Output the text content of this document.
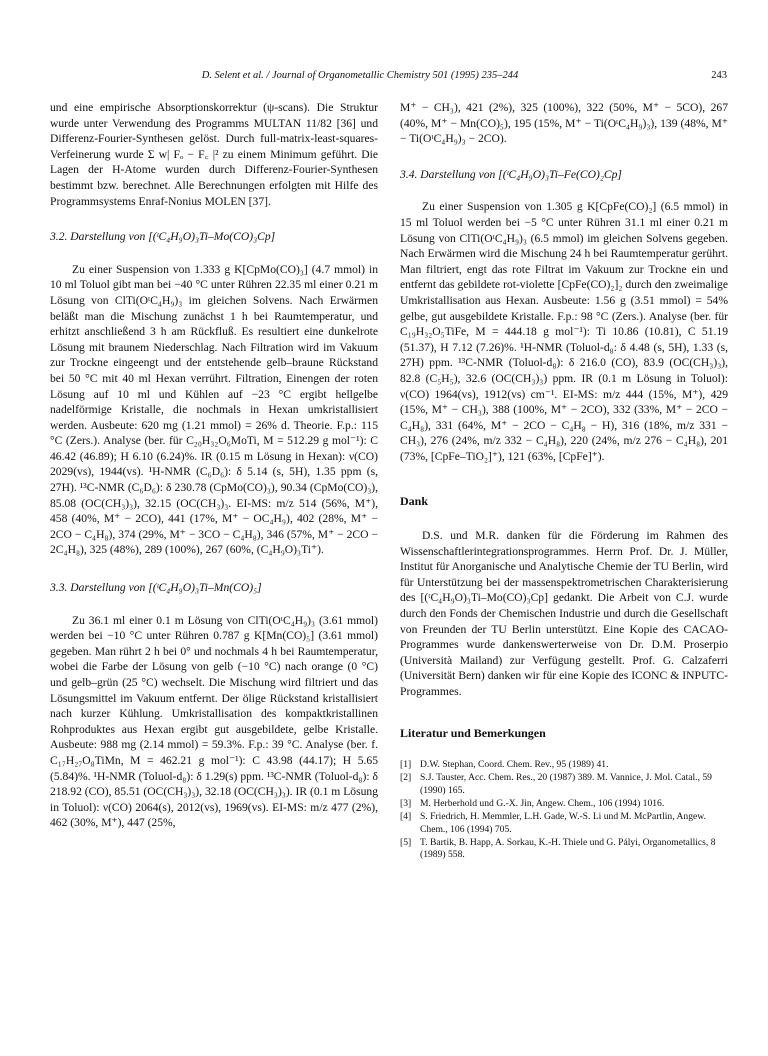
D. Selent et al. / Journal of Organometallic Chemistry 501 (1995) 235–244	243

und eine empirische Absorptionskorrektur (ψ-scans). Die Struktur wurde unter Verwendung des Programms MULTAN 11/82 [36] und Differenz-Fourier-Synthesen gelöst. Durch full-matrix-least-squares-Verfeinerung wurde Σ w| Fₒ − F꜀ |² zu einem Minimum geführt. Die Lagen der H-Atome wurden durch Differenz-Fourier-Synthesen bestimmt bzw. berechnet. Alle Berechnungen erfolgten mit Hilfe des Programmsystems Enraf-Nonius MOLEN [37].

3.2. Darstellung von [(ᵗC₄H₉O)₃Ti–Mo(CO)₃Cp]

Zu einer Suspension von 1.333 g K[CpMo(CO)₃] (4.7 mmol) in 10 ml Toluol gibt man bei −40 °C unter Rühren 22.35 ml einer 0.21 m Lösung von ClTi(OᵗC₄H₉)₃ im gleichen Solvens. Nach Erwärmen beläßt man die Mischung zunächst 1 h bei Raumtemperatur, und erhitzt anschließend 3 h am Rückfluß. Es resultiert eine dunkelrote Lösung mit braunem Niederschlag. Nach Filtration wird im Vakuum zur Trockne eingeengt und der entstehende gelb–braune Rückstand bei 50 °C mit 40 ml Hexan verrührt. Filtration, Einengen der roten Lösung auf 10 ml und Kühlen auf −23 °C ergibt hellgelbe nadelförmige Kristalle, die nochmals in Hexan umkristallisiert werden. Ausbeute: 620 mg (1.21 mmol) = 26% d. Theorie. F.p.: 115 °C (Zers.). Analyse (ber. für C₂₀H₃₂O₆MoTi, M = 512.29 g mol⁻¹): C 46.42 (46.89); H 6.10 (6.24)%. IR (0.15 m Lösung in Hexan): ν(CO) 2029(vs), 1944(vs). ¹H-NMR (C₆D₆): δ 5.14 (s, 5H), 1.35 ppm (s, 27H). ¹³C-NMR (C₆D₆): δ 230.78 (CpMo(CO)₃), 90.34 (CpMo(CO)₃), 85.08 (OC(CH₃)₃), 32.15 (OC(CH₃)₃. EI-MS: m/z 514 (56%, M⁺), 458 (40%, M⁺ − 2CO), 441 (17%, M⁺ − OC₄H₉), 402 (28%, M⁺ − 2CO − C₄H₈), 374 (29%, M⁺ − 3CO − C₄H₈), 346 (57%, M⁺ − 2CO − 2C₄H₈), 325 (48%), 289 (100%), 267 (60%, (C₄H₉O)₃Ti⁺).

3.3. Darstellung von [(ᵗC₄H₉O)₃Ti–Mn(CO)₅]

Zu 36.1 ml einer 0.1 m Lösung von ClTi(OᵗC₄H₉)₃ (3.61 mmol) werden bei −10 °C unter Rühren 0.787 g K[Mn(CO)₅] (3.61 mmol) gegeben. Man rührt 2 h bei 0° und nochmals 4 h bei Raumtemperatur, wobei die Farbe der Lösung von gelb (−10 °C) nach orange (0 °C) und gelb–grün (25 °C) wechselt. Die Mischung wird filtriert und das Lösungsmittel im Vakuum entfernt. Der ölige Rückstand kristallisiert nach kurzer Kühlung. Umkristallisation des kompaktkristallinen Rohproduktes aus Hexan ergibt gut ausgebildete, gelbe Kristalle. Ausbeute: 988 mg (2.14 mmol) = 59.3%. F.p.: 39 °C. Analyse (ber. f. C₁₇H₂₇O₈TiMn, M = 462.21 g mol⁻¹): C 43.98 (44.17); H 5.65 (5.84)%. ¹H-NMR (Toluol-d₈): δ 1.29(s) ppm. ¹³C-NMR (Toluol-d₈): δ 218.92 (CO), 85.51 (OC(CH₃)₃), 32.18 (OC(CH₃)₃). IR (0.1 m Lösung in Toluol): ν(CO) 2064(s), 2012(vs), 1969(vs). EI-MS: m/z 477 (2%), 462 (30%, M⁺), 447 (25%,

M⁺ − CH₃), 421 (2%), 325 (100%), 322 (50%, M⁺ − 5CO), 267 (40%, M⁺ − Mn(CO)₅), 195 (15%, M⁺ − Ti(OᵗC₄H₉)₃), 139 (48%, M⁺ − Ti(OᵗC₄H₉)₃ − 2CO).

3.4. Darstellung von [(ᵗC₄H₉O)₃Ti–Fe(CO)₂Cp]

Zu einer Suspension von 1.305 g K[CpFe(CO)₂] (6.5 mmol) in 15 ml Toluol werden bei −5 °C unter Rühren 31.1 ml einer 0.21 m Lösung von ClTi(OᵗC₄H₉)₃ (6.5 mmol) im gleichen Solvens gegeben. Nach Erwärmen wird die Mischung 24 h bei Raumtemperatur gerührt. Man filtriert, engt das rote Filtrat im Vakuum zur Trockne ein und entfernt das gebildete rot-violette [CpFe(CO)₂]₂ durch den zweimalige Umkristallisation aus Hexan. Ausbeute: 1.56 g (3.51 mmol) = 54% gelbe, gut ausgebildete Kristalle. F.p.: 98 °C (Zers.). Analyse (ber. für C₁₉H₃₂O₅TiFe, M = 444.18 g mol⁻¹): Ti 10.86 (10.81), C 51.19 (51.37), H 7.12 (7.26)%. ¹H-NMR (Toluol-d₈: δ 4.48 (s, 5H), 1.33 (s, 27H) ppm. ¹³C-NMR (Toluol-d₈): δ 216.0 (CO), 83.9 (OC(CH₃)₃), 82.8 (C₅H₅), 32.6 (OC(CH₃)₃) ppm. IR (0.1 m Lösung in Toluol): ν(CO) 1964(vs), 1912(vs) cm⁻¹. EI-MS: m/z 444 (15%, M⁺), 429 (15%, M⁺ − CH₃), 388 (100%, M⁺ − 2CO), 332 (33%, M⁺ − 2CO − C₄H₈), 331 (64%, M⁺ − 2CO − C₄H₈ − H), 316 (18%, m/z 331 − CH₃), 276 (24%, m/z 332 − C₄H₈), 220 (24%, m/z 276 − C₄H₈), 201 (73%, [CpFe–TiO₂]⁺), 121 (63%, [CpFe]⁺).

Dank

D.S. und M.R. danken für die Förderung im Rahmen des Wissenschaftlerintegrationsprogrammes. Herrn Prof. Dr. J. Müller, Institut für Anorganische und Analytische Chemie der TU Berlin, wird für Unterstützung bei der massenspektrometrischen Charakterisierung des [(ᵗC₄H₉O)₃Ti–Mo(CO)₃Cp] gedankt. Die Arbeit von C.J. wurde durch den Fonds der Chemischen Industrie und durch die Gesellschaft von Freunden der TU Berlin unterstützt. Eine Kopie des CACAO-Programmes wurde dankenswerterweise von Dr. D.M. Proserpio (Università Mailand) zur Verfügung gestellt. Prof. G. Calzaferri (Universität Bern) danken wir für eine Kopie des ICONC & INPUTC-Programmes.

Literatur und Bemerkungen
[1] D.W. Stephan, Coord. Chem. Rev., 95 (1989) 41.
[2] S.J. Tauster, Acc. Chem. Res., 20 (1987) 389. M. Vannice, J. Mol. Catal., 59 (1990) 165.
[3] M. Herberhold und G.-X. Jin, Angew. Chem., 106 (1994) 1016.
[4] S. Friedrich, H. Memmler, L.H. Gade, W.-S. Li und M. McPartlin, Angew. Chem., 106 (1994) 705.
[5] T. Bartik, B. Happ, A. Sorkau, K.-H. Thiele und G. Pályi, Organometallics, 8 (1989) 558.
